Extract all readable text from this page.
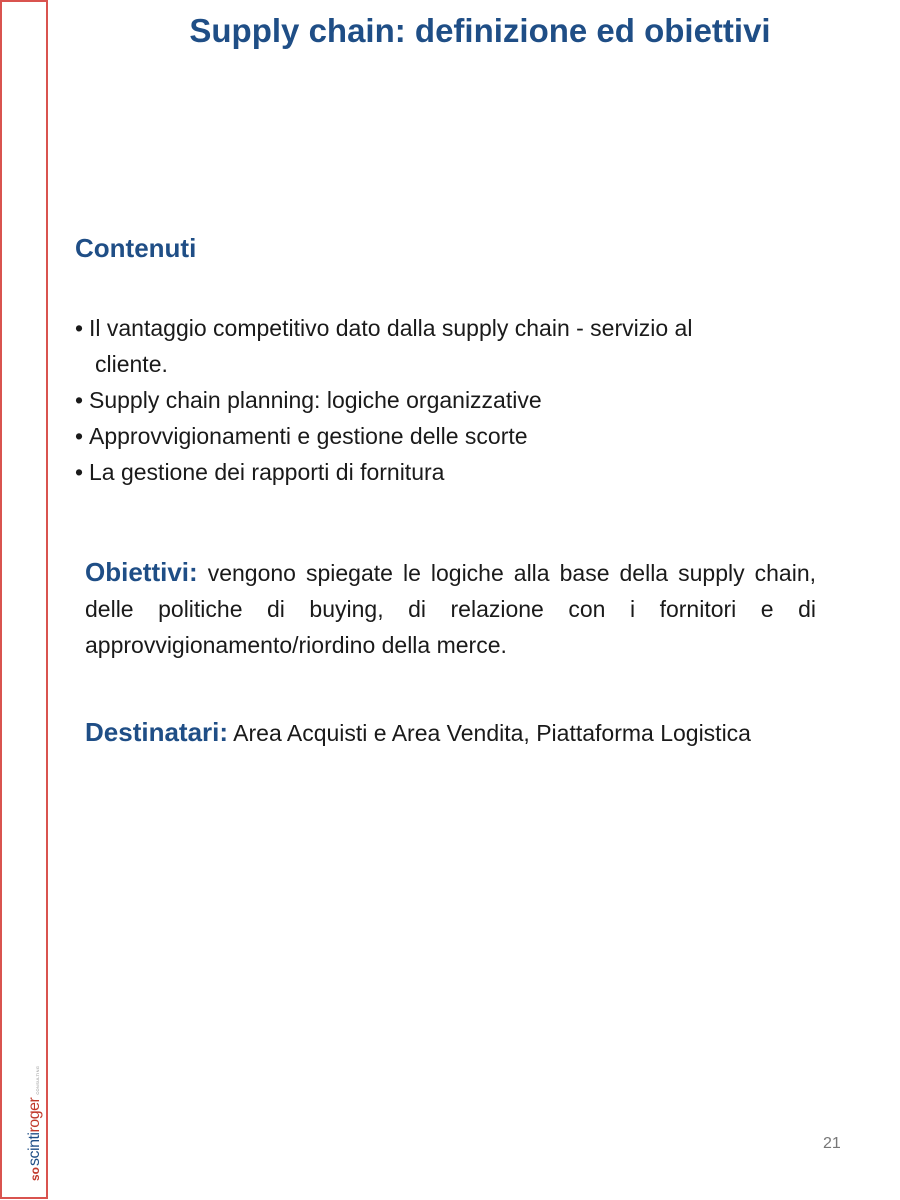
so
scinti
roger
CONSULTING
Supply chain: definizione ed obiettivi
Contenuti
• Il vantaggio competitivo dato dalla supply chain - servizio al
cliente.
• Supply chain planning: logiche organizzative
• Approvvigionamenti e gestione delle scorte
• La gestione dei rapporti di fornitura

Obiettivi: vengono spiegate le logiche alla base della supply chain, delle politiche di buying, di relazione con i fornitori e di approvvigionamento/riordino della merce.

Destinatari: Area Acquisti e Area Vendita, Piattaforma Logistica

21
